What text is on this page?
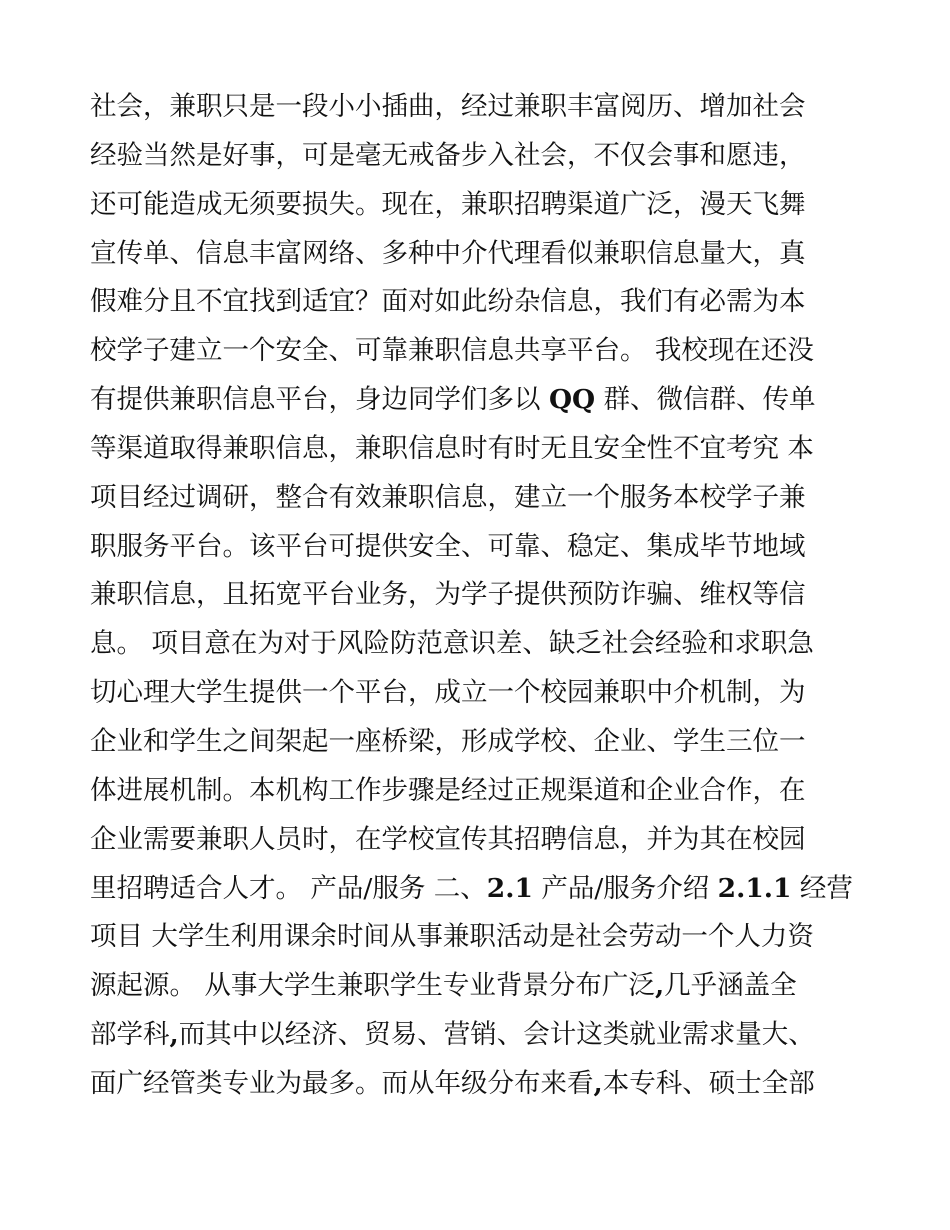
社会，兼职只是一段小小插曲，经过兼职丰富阅历、增加社会
经验当然是好事，可是毫无戒备步入社会，不仅会事和愿违，
还可能造成无须要损失。现在，兼职招聘渠道广泛，漫天飞舞
宣传单、信息丰富网络、多种中介代理看似兼职信息量大，真
假难分且不宜找到适宜？面对如此纷杂信息，我们有必需为本
校学子建立一个安全、可靠兼职信息共享平台。 我校现在还没
有提供兼职信息平台，身边同学们多以 QQ 群、微信群、传单
等渠道取得兼职信息，兼职信息时有时无且安全性不宜考究 本
项目经过调研，整合有效兼职信息，建立一个服务本校学子兼
职服务平台。该平台可提供安全、可靠、稳定、集成毕节地域
兼职信息，且拓宽平台业务，为学子提供预防诈骗、维权等信
息。 项目意在为对于风险防范意识差、缺乏社会经验和求职急
切心理大学生提供一个平台，成立一个校园兼职中介机制，为
企业和学生之间架起一座桥梁，形成学校、企业、学生三位一
体进展机制。本机构工作步骤是经过正规渠道和企业合作，在
企业需要兼职人员时，在学校宣传其招聘信息，并为其在校园
里招聘适合人才。 产品/服务 二、2.1 产品/服务介绍 2.1.1 经营
项目 大学生利用课余时间从事兼职活动是社会劳动一个人力资
源起源。 从事大学生兼职学生专业背景分布广泛,几乎涵盖全
部学科,而其中以经济、贸易、营销、会计这类就业需求量大、
面广经管类专业为最多。而从年级分布来看,本专科、硕士全部
